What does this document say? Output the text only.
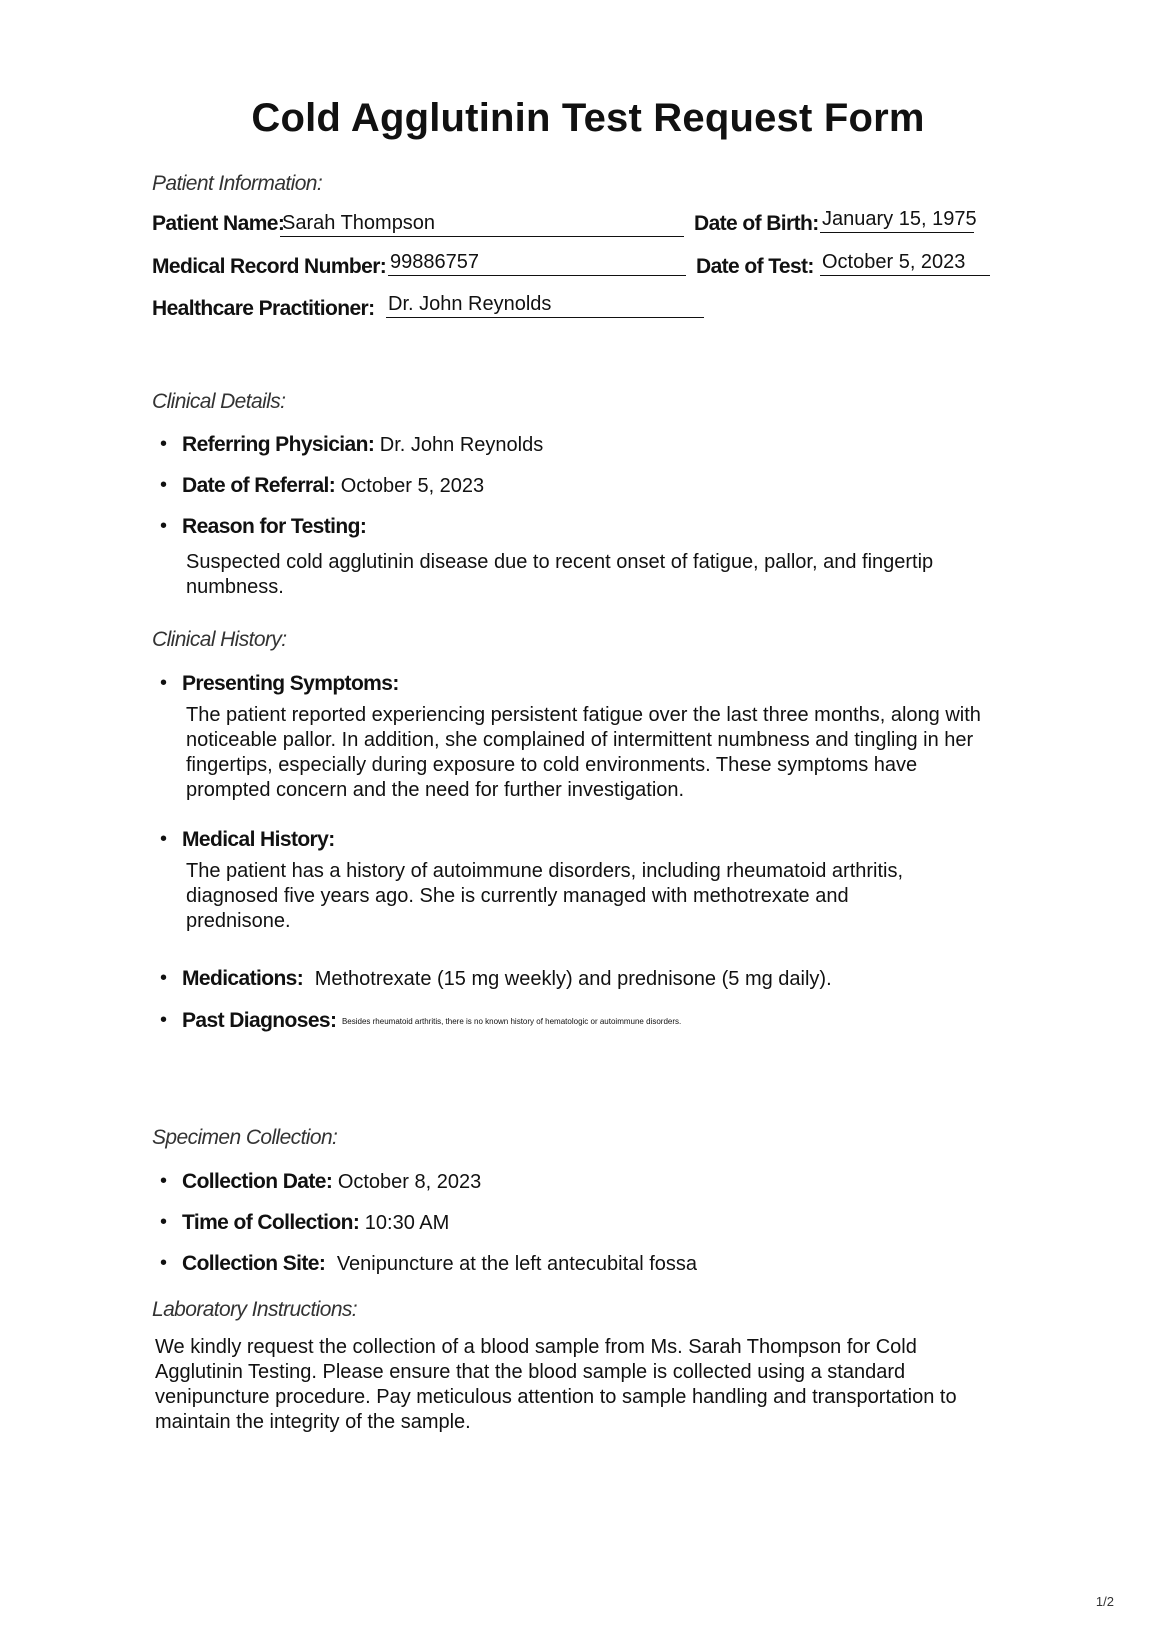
Cold Agglutinin Test Request Form
Patient Information:
Patient Name:
Sarah Thompson	Date of Birth: January 15, 1975
Medical Record Number: 99886757	Date of Test: October 5, 2023
Healthcare Practitioner: Dr. John Reynolds
Clinical Details:
• Referring Physician: Dr. John Reynolds
• Date of Referral: October 5, 2023
• Reason for Testing:
Suspected cold agglutinin disease due to recent onset of fatigue, pallor, and fingertip numbness.
Clinical History:
• Presenting Symptoms:
The patient reported experiencing persistent fatigue over the last three months, along with noticeable pallor. In addition, she complained of intermittent numbness and tingling in her fingertips, especially during exposure to cold environments. These symptoms have prompted concern and the need for further investigation.
• Medical History:
The patient has a history of autoimmune disorders, including rheumatoid arthritis, diagnosed five years ago. She is currently managed with methotrexate and prednisone.
• Medications: Methotrexate (15 mg weekly) and prednisone (5 mg daily).
• Past Diagnoses: Besides rheumatoid arthritis, there is no known history of hematologic or autoimmune disorders.
Specimen Collection:
• Collection Date: October 8, 2023
• Time of Collection: 10:30 AM
• Collection Site: Venipuncture at the left antecubital fossa
Laboratory Instructions:
We kindly request the collection of a blood sample from Ms. Sarah Thompson for Cold Agglutinin Testing. Please ensure that the blood sample is collected using a standard venipuncture procedure. Pay meticulous attention to sample handling and transportation to maintain the integrity of the sample.
1/2
